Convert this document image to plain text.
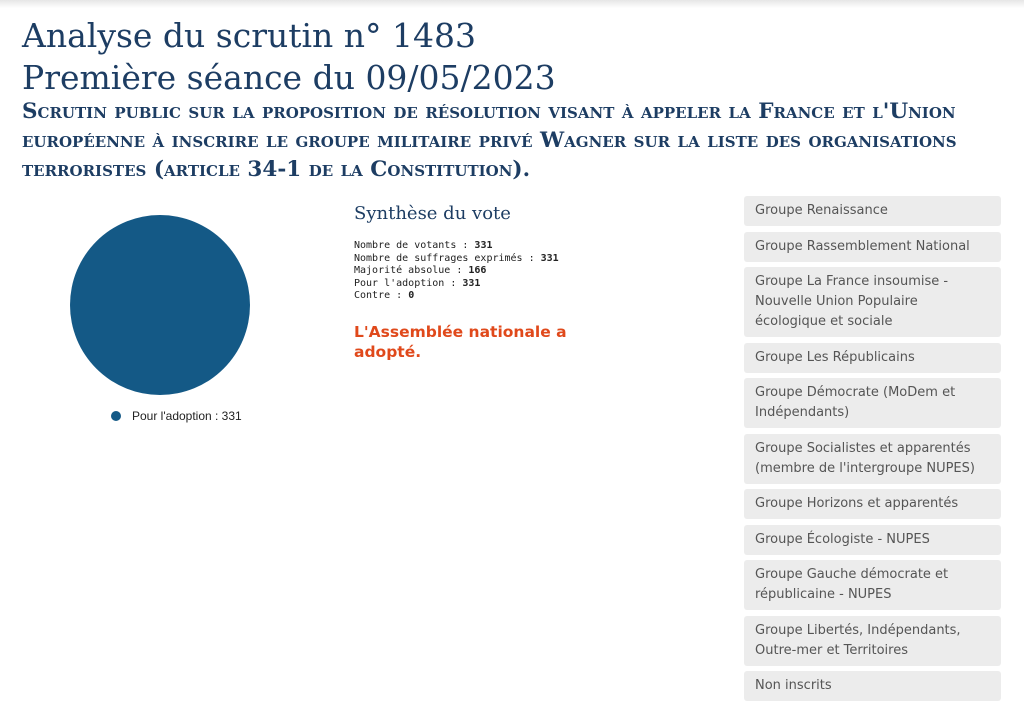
Analyse du scrutin n° 1483
Première séance du 09/05/2023
Scrutin public sur la proposition de résolution visant à appeler la France et l'Union européenne à inscrire le groupe militaire privé Wagner sur la liste des organisations terroristes (article 34-1 de la Constitution).
Pour l'adoption : 331
Synthèse du vote
Nombre de votants : 331
Nombre de suffrages exprimés : 331
Majorité absolue : 166
Pour l'adoption : 331
Contre : 0

L'Assemblée nationale a adopté.

Groupe Renaissance
Groupe Rassemblement National
Groupe La France insoumise - Nouvelle Union Populaire écologique et sociale
Groupe Les Républicains
Groupe Démocrate (MoDem et Indépendants)
Groupe Socialistes et apparentés (membre de l'intergroupe NUPES)
Groupe Horizons et apparentés
Groupe Écologiste - NUPES
Groupe Gauche démocrate et républicaine - NUPES
Groupe Libertés, Indépendants, Outre-mer et Territoires
Non inscrits
